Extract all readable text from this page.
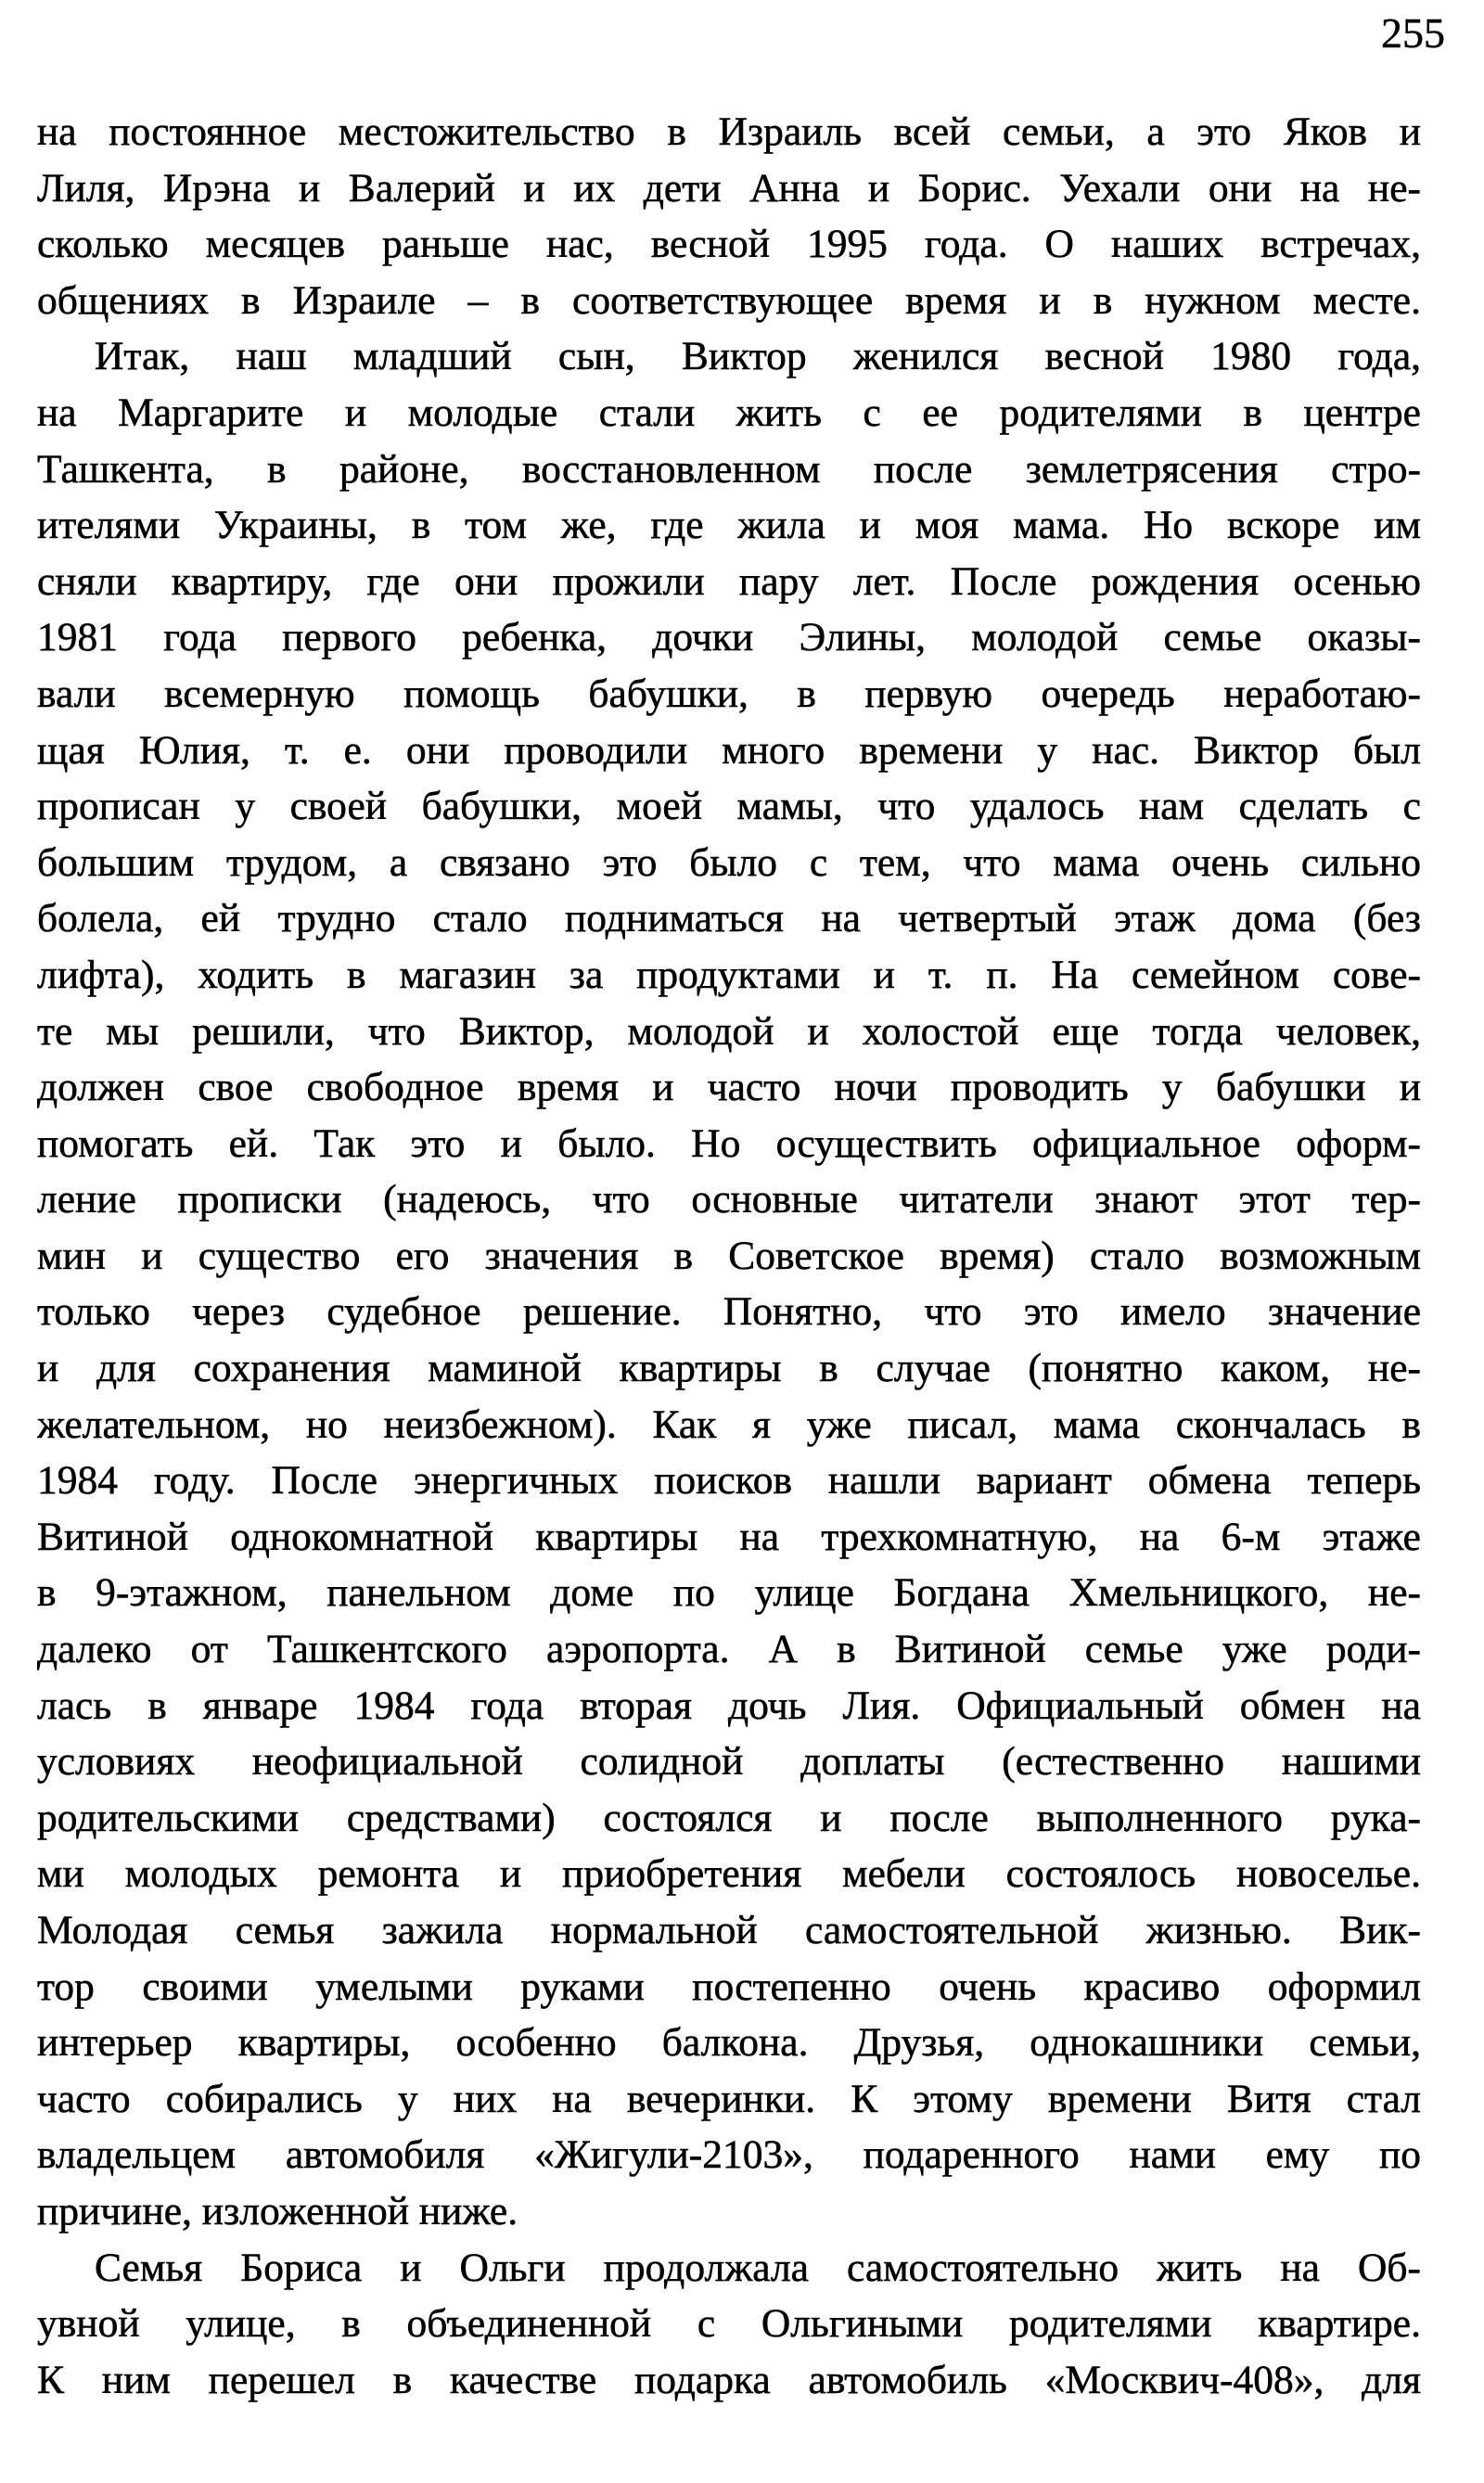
255
на постоянное местожительство в Израиль всей семьи, а это Яков и
Лиля, Ирэна и Валерий и их дети Анна и Борис. Уехали они на не-
сколько месяцев раньше нас, весной 1995 года. О наших встречах,
общениях в Израиле – в соответствующее время и в нужном месте.
Итак, наш младший сын, Виктор женился весной 1980 года,
на Маргарите и молодые стали жить с ее родителями в центре
Ташкента, в районе, восстановленном после землетрясения стро-
ителями Украины, в том же, где жила и моя мама. Но вскоре им
сняли квартиру, где они прожили пару лет. После рождения осенью
1981 года первого ребенка, дочки Элины, молодой семье оказы-
вали всемерную помощь бабушки, в первую очередь неработаю-
щая Юлия, т. е. они проводили много времени у нас. Виктор был
прописан у своей бабушки, моей мамы, что удалось нам сделать с
большим трудом, а связано это было с тем, что мама очень сильно
болела, ей трудно стало подниматься на четвертый этаж дома (без
лифта), ходить в магазин за продуктами и т. п. На семейном сове-
те мы решили, что Виктор, молодой и холостой еще тогда человек,
должен свое свободное время и часто ночи проводить у бабушки и
помогать ей. Так это и было. Но осуществить официальное оформ-
ление прописки (надеюсь, что основные читатели знают этот тер-
мин и существо его значения в Советское время) стало возможным
только через судебное решение. Понятно, что это имело значение
и для сохранения маминой квартиры в случае (понятно каком, не-
желательном, но неизбежном). Как я уже писал, мама скончалась в
1984 году. После энергичных поисков нашли вариант обмена теперь
Витиной однокомнатной квартиры на трехкомнатную, на 6-м этаже
в 9-этажном, панельном доме по улице Богдана Хмельницкого, не-
далеко от Ташкентского аэропорта. А в Витиной семье уже роди-
лась в январе 1984 года вторая дочь Лия. Официальный обмен на
условиях неофициальной солидной доплаты (естественно нашими
родительскими средствами) состоялся и после выполненного рука-
ми молодых ремонта и приобретения мебели состоялось новоселье.
Молодая семья зажила нормальной самостоятельной жизнью. Вик-
тор своими умелыми руками постепенно очень красиво оформил
интерьер квартиры, особенно балкона. Друзья, однокашники семьи,
часто собирались у них на вечеринки. К этому времени Витя стал
владельцем автомобиля «Жигули-2103», подаренного нами ему по
причине, изложенной ниже.
Семья Бориса и Ольги продолжала самостоятельно жить на Об-
увной улице, в объединенной с Ольгиными родителями квартире.
К ним перешел в качестве подарка автомобиль «Москвич-408», для
